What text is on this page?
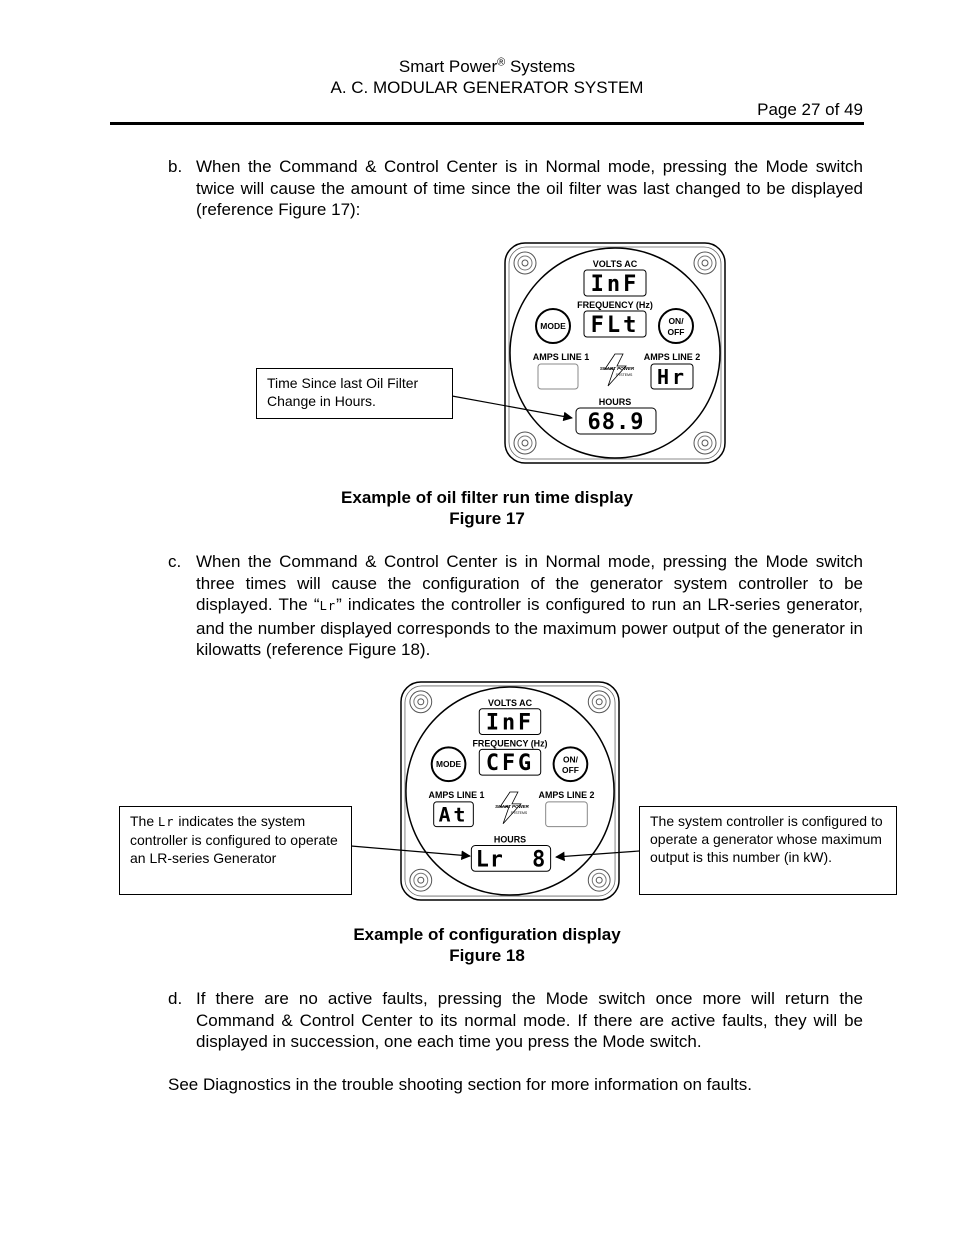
Smart Power® Systems
A. C. MODULAR GENERATOR SYSTEM
Page 27 of 49
b. When the Command & Control Center is in Normal mode, pressing the Mode switch twice will cause the amount of time since the oil filter was last changed to be displayed (reference Figure 17):
VOLTS AC
InF
FREQUENCY (Hz)
FLt
MODE	ON/
OFF
AMPS LINE 1	AMPS LINE 2
Hr
SMART POWER
SYSTEMS
HOURS
68.9
Time Since last Oil Filter Change in Hours.
Example of oil filter run time display
Figure 17
c. When the Command & Control Center is in Normal mode, pressing the Mode switch three times will cause the configuration of the generator system controller to be displayed. The “Lr” indicates the controller is configured to run an LR-series generator, and the number displayed corresponds to the maximum power output of the generator in kilowatts (reference Figure 18).
VOLTS AC
InF
FREQUENCY (Hz)
CFG
MODE	ON/
OFF
AMPS LINE 1
At
AMPS LINE 2
SMART POWER
SYSTEMS
HOURS
Lr  8
The Lr indicates the system controller is configured to operate an LR-series Generator
The system controller is configured to operate a generator whose maximum output is this number (in kW).
Example of configuration display
Figure 18
d. If there are no active faults, pressing the Mode switch once more will return the Command & Control Center to its normal mode. If there are active faults, they will be displayed in succession, one each time you press the Mode switch.
See Diagnostics in the trouble shooting section for more information on faults.
